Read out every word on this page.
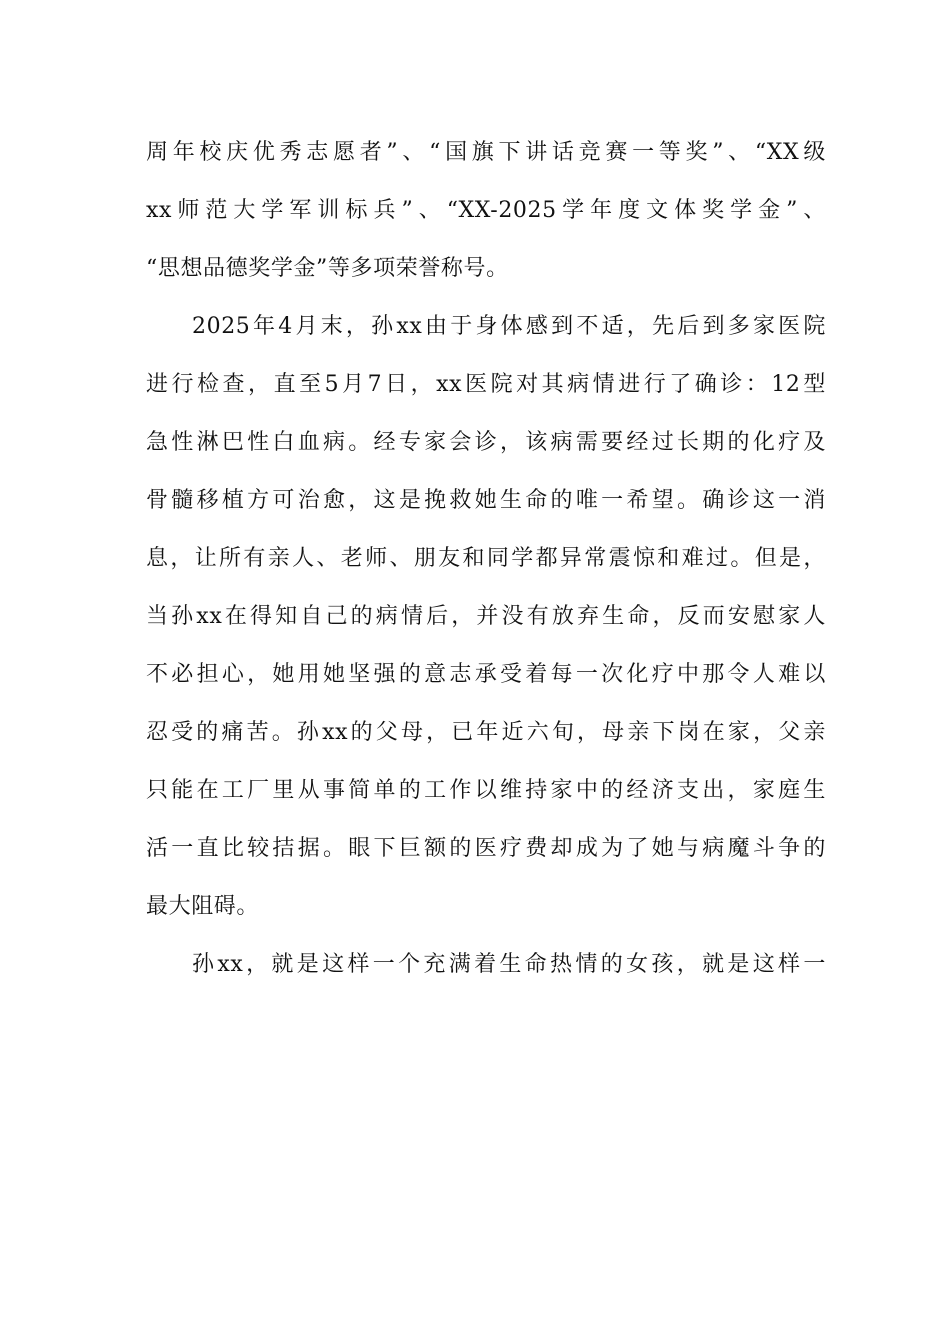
周年校庆优秀志愿者”、“国旗下讲话竞赛一等奖”、“XX级
xx师范大学军训标兵”、“XX-2025学年度文体奖学金”、
“思想品德奖学金”等多项荣誉称号。
2025年4月末，孙xx由于身体感到不适，先后到多家医院
进行检查，直至5月7日，xx医院对其病情进行了确诊：12型
急性淋巴性白血病。经专家会诊，该病需要经过长期的化疗及
骨髓移植方可治愈，这是挽救她生命的唯一希望。确诊这一消
息，让所有亲人、老师、朋友和同学都异常震惊和难过。但是，
当孙xx在得知自己的病情后，并没有放弃生命，反而安慰家人
不必担心，她用她坚强的意志承受着每一次化疗中那令人难以
忍受的痛苦。孙xx的父母，已年近六旬，母亲下岗在家，父亲
只能在工厂里从事简单的工作以维持家中的经济支出，家庭生
活一直比较拮据。眼下巨额的医疗费却成为了她与病魔斗争的
最大阻碍。
孙xx，就是这样一个充满着生命热情的女孩，就是这样一
